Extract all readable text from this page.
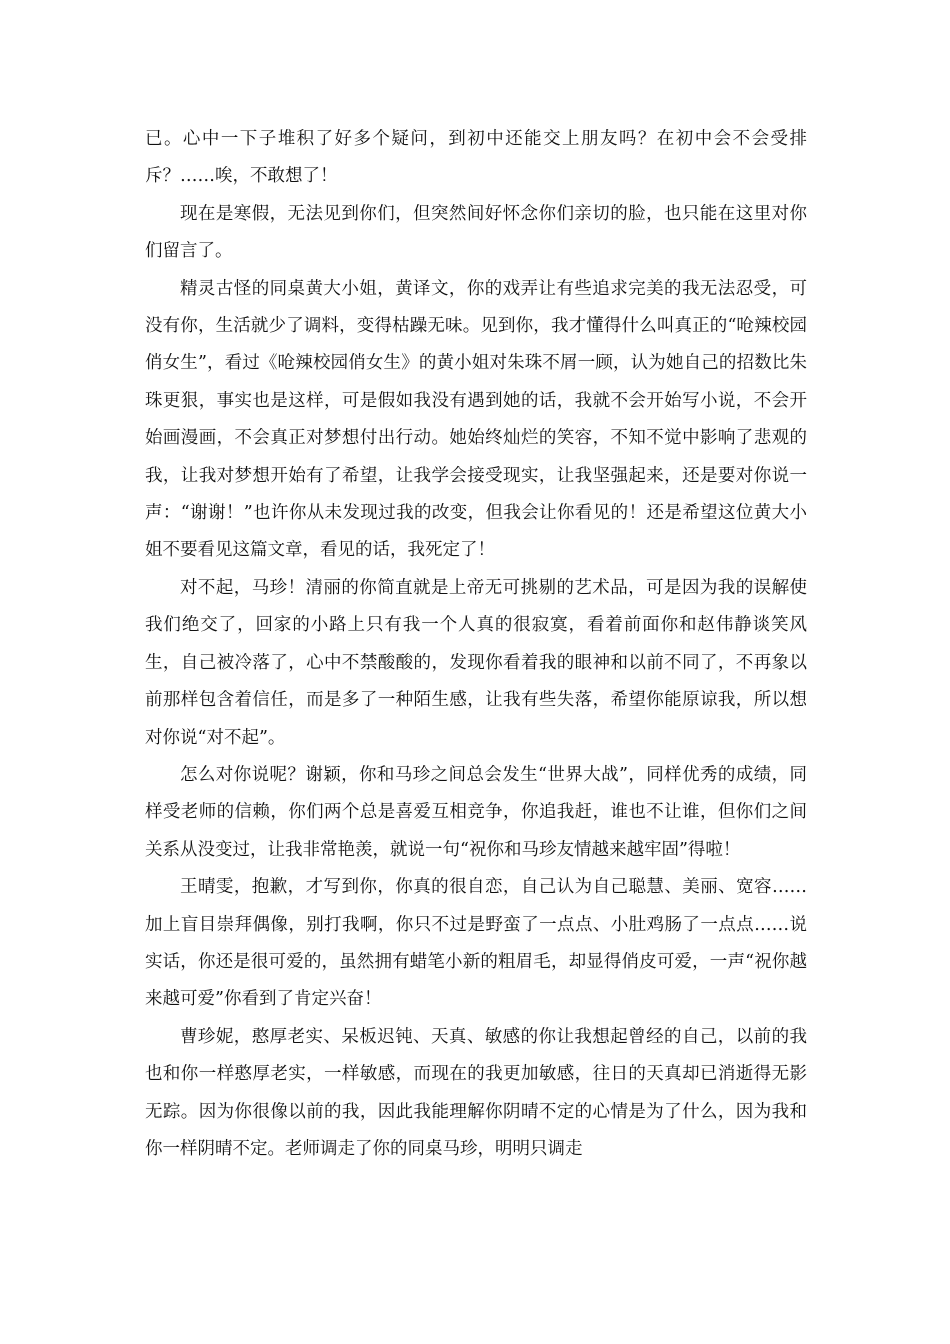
已。心中一下子堆积了好多个疑问，到初中还能交上朋友吗？在初中会不会受排斥？……唉，不敢想了！

现在是寒假，无法见到你们，但突然间好怀念你们亲切的脸，也只能在这里对你们留言了。

精灵古怪的同桌黄大小姐，黄译文，你的戏弄让有些追求完美的我无法忍受，可没有你，生活就少了调料，变得枯躁无味。见到你，我才懂得什么叫真正的“呛辣校园俏女生”，看过《呛辣校园俏女生》的黄小姐对朱珠不屑一顾，认为她自己的招数比朱珠更狠，事实也是这样，可是假如我没有遇到她的话，我就不会开始写小说，不会开始画漫画，不会真正对梦想付出行动。她始终灿烂的笑容，不知不觉中影响了悲观的我，让我对梦想开始有了希望，让我学会接受现实，让我坚强起来，还是要对你说一声：“谢谢！”也许你从未发现过我的改变，但我会让你看见的！还是希望这位黄大小姐不要看见这篇文章，看见的话，我死定了！

对不起，马珍！清丽的你简直就是上帝无可挑剔的艺术品，可是因为我的误解使我们绝交了，回家的小路上只有我一个人真的很寂寞，看着前面你和赵伟静谈笑风生，自己被冷落了，心中不禁酸酸的，发现你看着我的眼神和以前不同了，不再象以前那样包含着信任，而是多了一种陌生感，让我有些失落，希望你能原谅我，所以想对你说“对不起”。

怎么对你说呢？谢颖，你和马珍之间总会发生“世界大战”，同样优秀的成绩，同样受老师的信赖，你们两个总是喜爱互相竞争，你追我赶，谁也不让谁，但你们之间关系从没变过，让我非常艳羡，就说一句“祝你和马珍友情越来越牢固”得啦！

王晴雯，抱歉，才写到你，你真的很自恋，自己认为自己聪慧、美丽、宽容……加上盲目崇拜偶像，别打我啊，你只不过是野蛮了一点点、小肚鸡肠了一点点……说实话，你还是很可爱的，虽然拥有蜡笔小新的粗眉毛，却显得俏皮可爱，一声“祝你越来越可爱”你看到了肯定兴奋！

曹珍妮，憨厚老实、呆板迟钝、天真、敏感的你让我想起曾经的自己，以前的我也和你一样憨厚老实，一样敏感，而现在的我更加敏感，往日的天真却已消逝得无影无踪。因为你很像以前的我，因此我能理解你阴晴不定的心情是为了什么，因为我和你一样阴晴不定。老师调走了你的同桌马珍，明明只调走
